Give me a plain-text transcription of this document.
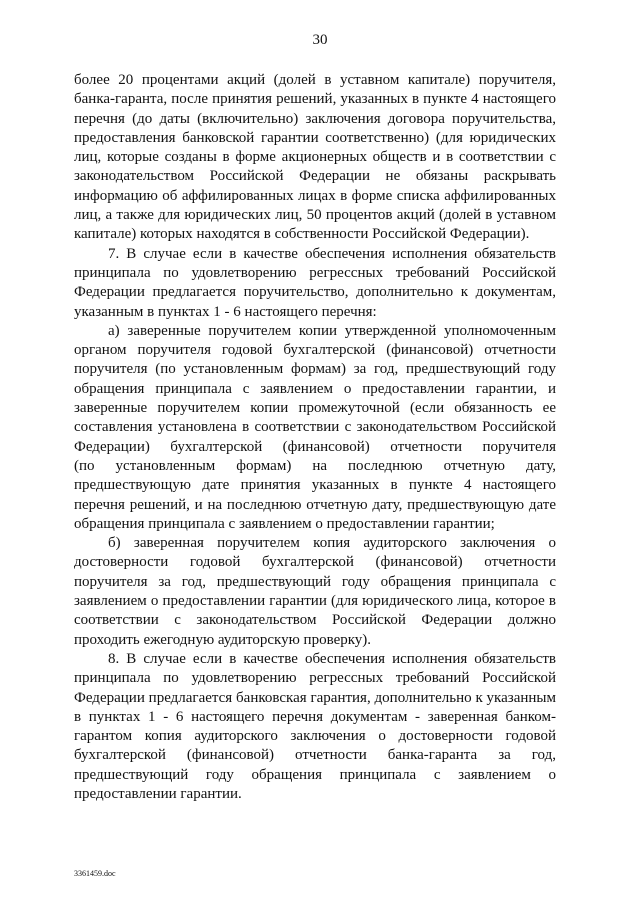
30
более 20 процентами акций (долей в уставном капитале) поручителя,
банка-гаранта, после принятия решений, указанных в пункте 4 настоящего
перечня (до даты (включительно) заключения договора поручительства,
предоставления банковской гарантии соответственно) (для юридических
лиц, которые созданы в форме акционерных обществ и в соответствии с
законодательством Российской Федерации не обязаны раскрывать
информацию об аффилированных лицах в форме списка аффилированных
лиц, а также для юридических лиц, 50 процентов акций (долей в уставном
капитале) которых находятся в собственности Российской Федерации).
7. В случае если в качестве обеспечения исполнения обязательств
принципала по удовлетворению регрессных требований Российской
Федерации предлагается поручительство, дополнительно к документам,
указанным в пунктах 1 - 6 настоящего перечня:
а) заверенные поручителем копии утвержденной уполномоченным
органом поручителя годовой бухгалтерской (финансовой) отчетности
поручителя (по установленным формам) за год, предшествующий году
обращения принципала с заявлением о предоставлении гарантии, и
заверенные поручителем копии промежуточной (если обязанность ее
составления установлена в соответствии с законодательством Российской
Федерации) бухгалтерской (финансовой) отчетности поручителя
(по установленным формам) на последнюю отчетную дату,
предшествующую дате принятия указанных в пункте 4 настоящего
перечня решений, и на последнюю отчетную дату, предшествующую дате
обращения принципала с заявлением о предоставлении гарантии;
б) заверенная поручителем копия аудиторского заключения о
достоверности годовой бухгалтерской (финансовой) отчетности
поручителя за год, предшествующий году обращения принципала с
заявлением о предоставлении гарантии (для юридического лица, которое в
соответствии с законодательством Российской Федерации должно
проходить ежегодную аудиторскую проверку).
8. В случае если в качестве обеспечения исполнения обязательств
принципала по удовлетворению регрессных требований Российской
Федерации предлагается банковская гарантия, дополнительно к указанным
в пунктах 1 - 6 настоящего перечня документам - заверенная банком-
гарантом копия аудиторского заключения о достоверности годовой
бухгалтерской (финансовой) отчетности банка-гаранта за год,
предшествующий году обращения принципала с заявлением о
предоставлении гарантии.
3361459.doc
